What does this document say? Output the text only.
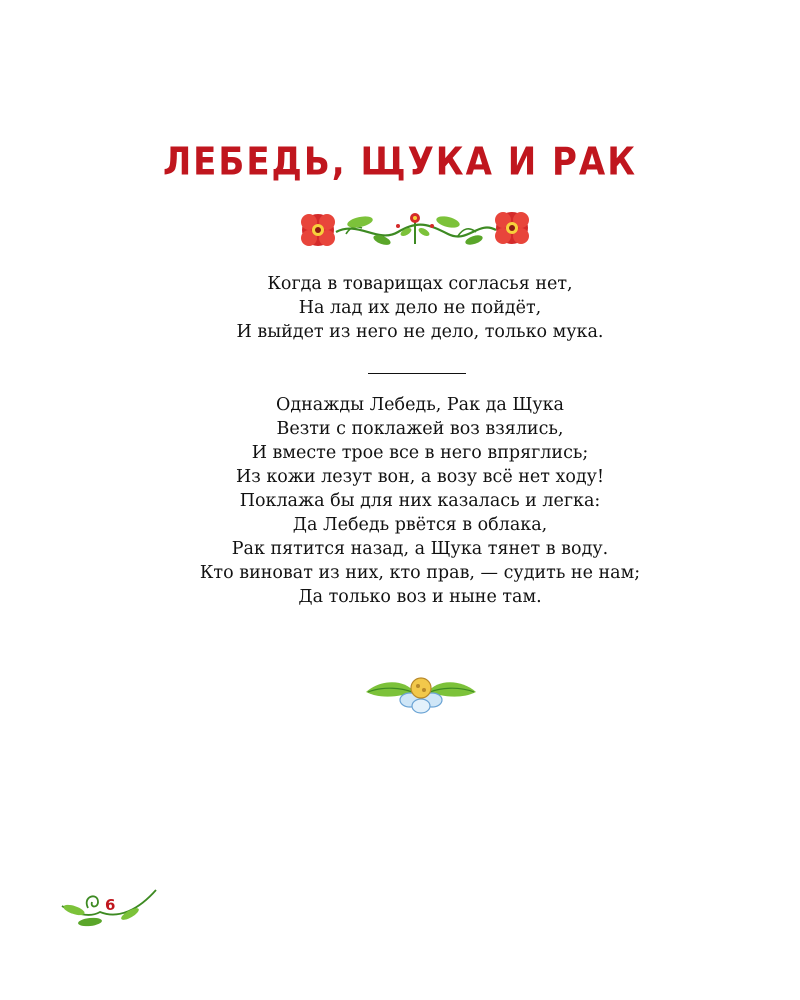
ЛЕБЕДЬ, ЩУКА И РАК
Когда в товарищах согласья нет,
На лад их дело не пойдёт,
И выйдет из него не дело, только мука.
Однажды Лебедь, Рак да Щука
Везти с поклажей воз взялись,
И вместе трое все в него впряглись;
Из кожи лезут вон, а возу всё нет ходу!
Поклажа бы для них казалась и легка:
Да Лебедь рвётся в облака,
Рак пятится назад, а Щука тянет в воду.
Кто виноват из них, кто прав, — судить не нам;
Да только воз и ныне там.
6
